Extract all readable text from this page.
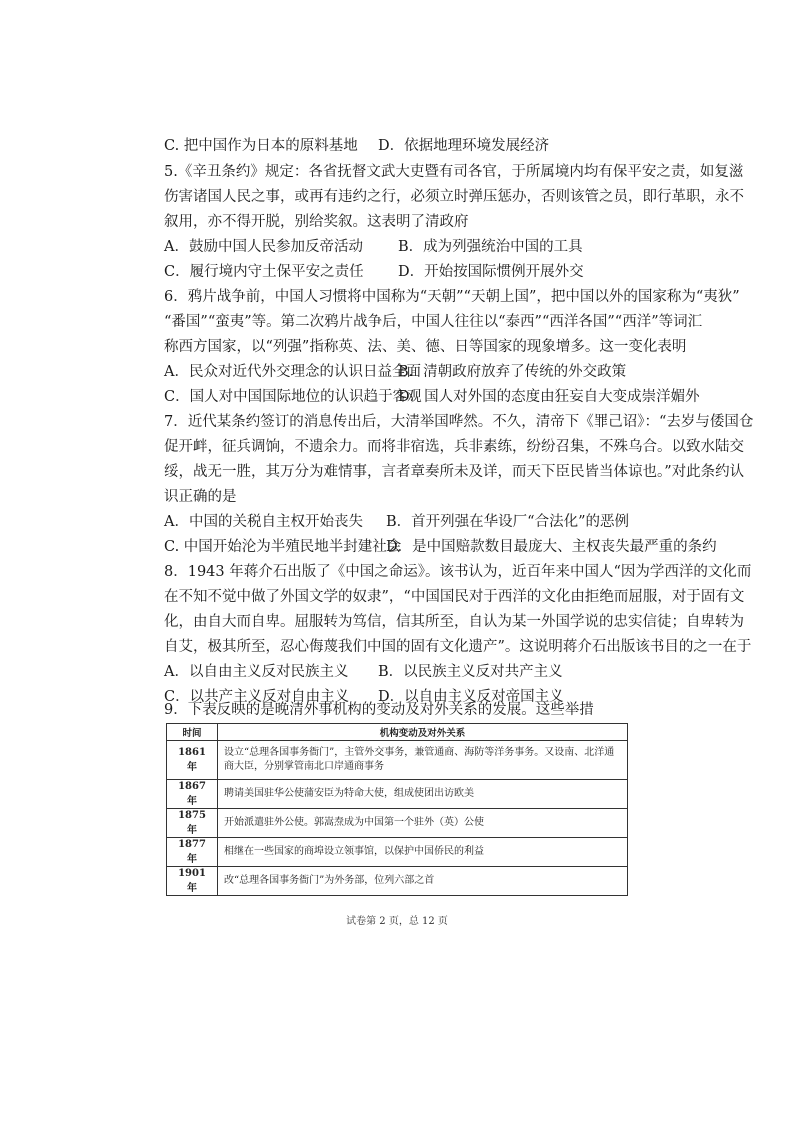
C. 把中国作为日本的原料基地 D．依据地理环境发展经济
5.《辛丑条约》规定：各省抚督文武大吏暨有司各官，于所属境内均有保平安之责，如复滋
伤害诸国人民之事，或再有违约之行，必须立时弹压惩办，否则该管之员，即行革职，永不
叙用，亦不得开脱，别给奖叙。这表明了清政府
A．鼓励中国人民参加反帝活动 B．成为列强统治中国的工具
C．履行境内守土保平安之责任 D．开始按国际惯例开展外交
6．鸦片战争前，中国人习惯将中国称为“天朝”“天朝上国”，把中国以外的国家称为“夷狄”
“番国”“蛮夷”等。第二次鸦片战争后，中国人往往以“泰西”“西洋各国”“西洋”等词汇
称西方国家，以“列强”指称英、法、美、德、日等国家的现象增多。这一变化表明
A．民众对近代外交理念的认识日益全面
B．清朝政府放弃了传统的外交政策
C．国人对中国国际地位的认识趋于客观
D．国人对外国的态度由狂妄自大变成崇洋媚外
7．近代某条约签订的消息传出后，大清举国哗然。不久，清帝下《罪己诏》：“去岁与倭国仓
促开衅，征兵调饷，不遗余力。而将非宿选，兵非素练，纷纷召集，不殊乌合。以致水陆交
绥，战无一胜，其万分为难情事，言者章奏所未及详，而天下臣民皆当体谅也。”对此条约认
识正确的是
A．中国的关税自主权开始丧失 B．首开列强在华设厂“合法化”的恶例
C. 中国开始沦为半殖民地半封建社会
D．是中国赔款数目最庞大、主权丧失最严重的条约
8．1943 年蒋介石出版了《中国之命运》。该书认为，近百年来中国人“因为学西洋的文化而
在不知不觉中做了外国文学的奴隶”，“中国国民对于西洋的文化由拒绝而屈服，对于固有文
化，由自大而自卑。屈服转为笃信，信其所至，自认为某一外国学说的忠实信徒；自卑转为
自艾，极其所至，忍心侮蔑我们中国的固有文化遗产”。这说明蒋介石出版该书目的之一在于
A．以自由主义反对民族主义 B．以民族主义反对共产主义
C．以共产主义反对自由主义 D．以自由主义反对帝国主义
9．下表反映的是晚清外事机构的变动及对外关系的发展。这些举措
时间	机构变动及对外关系
1861 年	设立“总理各国事务衙门”，主管外交事务，兼管通商、海防等洋务事务。又设南、北洋通商大臣，分别掌管南北口岸通商事务
1867 年	聘请美国驻华公使蒲安臣为特命大使，组成使团出访欧美
1875 年	开始派遣驻外公使。郭嵩焘成为中国第一个驻外（英）公使
1877 年	相继在一些国家的商埠设立领事馆，以保护中国侨民的利益
1901 年	改“总理各国事务衙门”为外务部，位列六部之首
试卷第 2 页，总 12 页
